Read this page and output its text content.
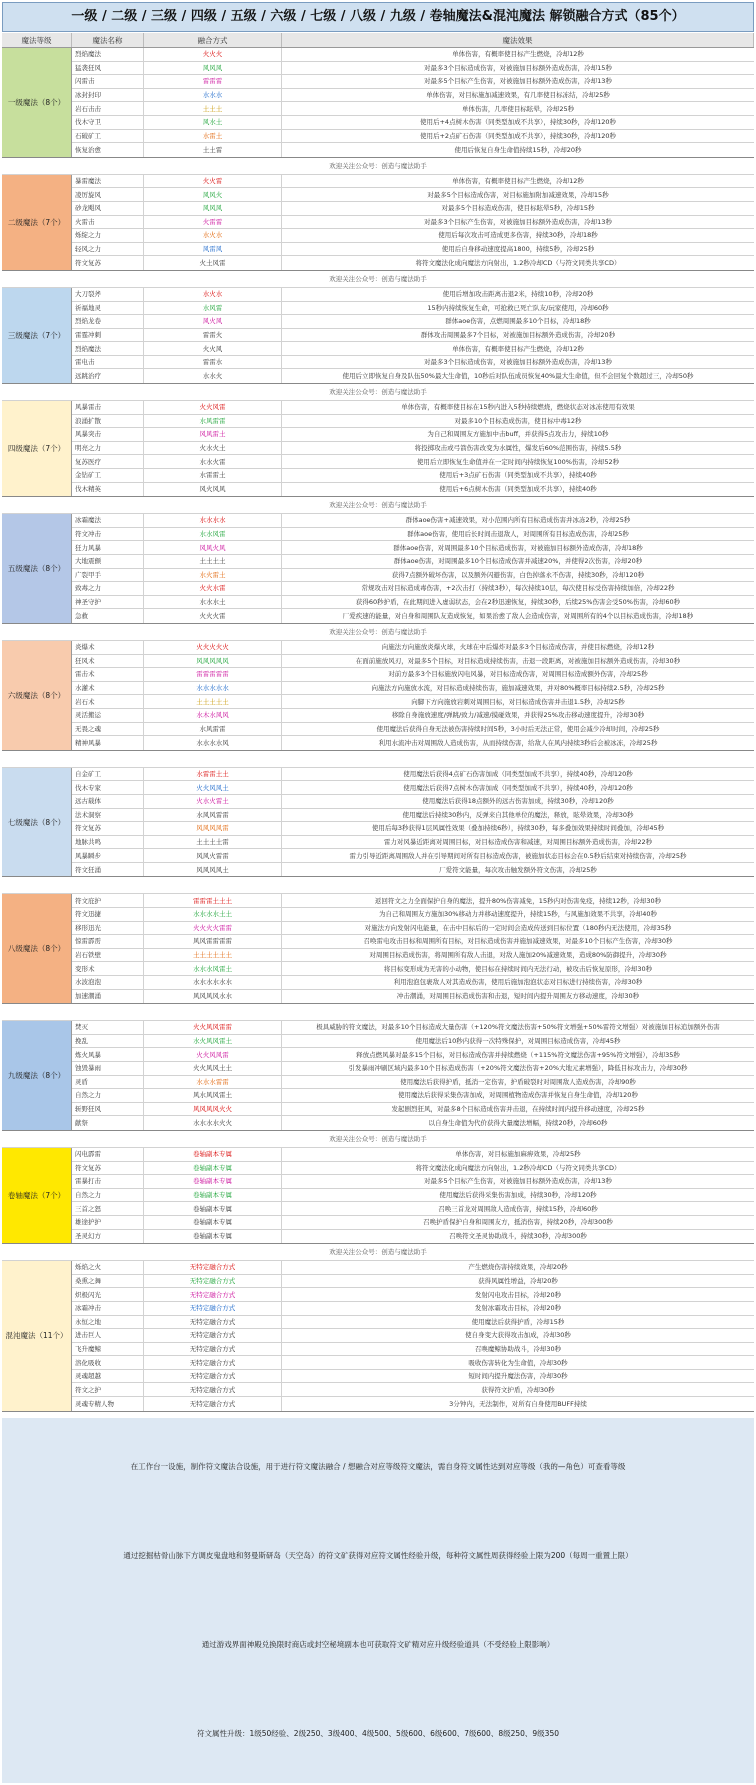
一级 / 二级 / 三级 / 四级 / 五级 / 六级 / 七级 / 八级 / 九级 / 卷轴魔法&混沌魔法 解锁融合方式（85个）
魔法等级	魔法名称	融合方式	魔法效果
一级魔法（8个）
烈焰魔法	火火火	单体伤害，有概率使目标产生燃烧，冷却12秒
猛袭狂风	风风风	对最多3个目标造成伤害，对被施加目标额外造成伤害，冷却15秒
闪雷击	雷雷雷	对最多5个目标产生伤害，对被施加目标额外造成伤害，冷却13秒
冰封封印	水水水	单体伤害，对目标施加减速效果，有几率使目标冻结，冷却25秒
岩石击击	土土土	单体伤害，几率使目标眩晕，冷却25秒
伐木守卫	风水土	使用后+4点树木伤害（同类型加成不共享），持续30秒，冷却120秒
石破矿工	水雷土	使用后+2点矿石伤害（同类型加成不共享），持续30秒，冷却120秒
恢复治愈	土土雷	使用后恢复自身生命值持续15秒，冷却20秒
欢迎关注公众号：创造与魔法助手
二级魔法（7个）
暴雷魔法	火火雷	单体伤害，有概率使目标产生燃烧，冷却12秒
凌厉旋风	风风火	对最多5个目标造成伤害，对目标施加附加减速效果，冷却15秒
砂龙飓风	风风风	对最多5个目标造成伤害，使目标眩晕5秒，冷却15秒
火雷击	火雷雷	对最多3个目标产生伤害，对被施加目标额外造成伤害，冷却13秒
烁绽之力	水火水	使用后每次攻击可造成更多伤害，持续30秒，冷却18秒
轻风之力	风雷风	使用后自身移动速度提高1800，持续5秒，冷却25秒
符文复苏	火土风雷	将符文魔法化成向魔法方向射出，1.2秒冷却CD（与符文同类共享CD）
欢迎关注公众号：创造与魔法助手
三级魔法（7个）
大刀裂斧	水火水	使用后增加攻击距离击退2米，持续10秒，冷却20秒
祈福地灵	水风雷	15秒内持续恢复生命，可抢救已死亡队友/玩家使用，冷却60秒
烈焰龙卷	风火风	群体aoe伤害，点燃周围最多10个目标，冷却18秒
雷霆冲刺	雷雷火	群体攻击周围最多7个目标，对被施加目标额外造成伤害，冷却20秒
烈焰魔法	火火风	单体伤害，有概率使目标产生燃烧，冷却12秒
雷电击	雷雷水	对最多3个目标造成伤害，对被施加目标额外造成伤害，冷却13秒
远跳治疗	水水火	使用后立即恢复自身及队伍50%最大生命值，10秒后对队伍成员恢复40%最大生命值，但不会回复个数超过三，冷却50秒
欢迎关注公众号：创造与魔法助手
四级魔法（7个）
风暴雷击	火火风雷	单体伤害，有概率使目标在15秒内进入5秒持续燃烧，燃烧状态对冰冻使用有效果
浪涌扩散	水风雷雷	对最多10个目标造成伤害，使目标中毒12秒
风暴突击	风风雷土	为自己和周围友方施加中击buff，并获得5点攻击力，持续10秒
明亮之力	火水火土	将投掷攻击或弓箭伤害改变为水属性，爆发后60%范围伤害，持续5.5秒
复苏医疗	水水火雷	使用后立即恢复生命值并在一定时间内持续恢复100%伤害，冷却52秒
金钻矿工	水雷雷土	使用后+3点矿石伤害（同类型加成不共享），持续40秒
伐木精英	风火风风	使用后+6点树木伤害（同类型加成不共享），持续40秒
欢迎关注公众号：创造与魔法助手
五级魔法（8个）
冰霜魔法	水水水水	群体aoe伤害+减速效果，对小范围内所有目标造成伤害并冰冻2秒，冷却25秒
符文冲击	水水风雷	群体aoe伤害，使用后长时间击退敌人，对周围所有目标造成伤害，冷却25秒
狂力风暴	风风火风	群体aoe伤害，对周围最多10个目标造成伤害，对被施加目标额外造成伤害，冷却18秒
大地震颤	土土土土	群体aoe伤害，对周围最多10个目标造成伤害并减速20%，并使得2次伤害，冷却20秒
广裂甲手	水火雷土	获得7点额外破坏伤害，以及额外闪避伤害，白色掉落永不伤害，持续30秒，冷却120秒
致毒之力	火火水雷	常规攻击对目标造成毒伤害，+2次击打（持续3秒），每次持续10层，每次使目标受伤害持续加倍，冷却22秒
神圣守护	水水水土	获得60秒护盾，在此期间进入虚弱状态，会在2秒迅速恢复，持续30秒，后续25%伤害会受50%伤害，冷却60秒
急救	火火火雷	厂爱疾速的能量，对自身和周围队友造成恢复，如果治愈了敌人会造成伤害，对周围所有的4个以目标造成伤害，冷却18秒
欢迎关注公众号：创造与魔法助手
六级魔法（8个）
炎爆术	火火火火火	向施法方向施放炎爆火球，火球在中后爆炸对最多3个目标造成伤害，并使目标燃烧，冷却12秒
狂风术	风风风风风	在面前施放风刃，对最多5个目标，对目标造成持续伤害，击退一段距离，对被施加目标额外造成伤害，冷却30秒
雷击术	雷雷雷雷雷	对前方最多3个目标施放闪电风暴，对目标造成伤害，对周围目标造成额外伤害，冷却25秒
水灌术	水水水水水	向施法方向施放水流，对目标造成持续伤害，施加减速效果，并对80%概率目标持续2.5秒，冷却25秒
岩石术	土土土土土	向脚下方向施放岩刺对周围目标，对目标造成伤害并击退1.5秒，冷却25秒
灵活搬运	水木水风风	移除自身施放速度/弹跳/致力/减速/摸碰效果，并获得25%攻击移动速度提升，冷却30秒
无畏之魂	水风雷雷	使用魔法后获得自身无法被伤害持续时间5秒，3小时后无法正常，使用会减少冷却时间，冷却25秒
精神风暴	水水水水风	利用水流冲击对周围敌人造成伤害，从而持续伤害，给敌人在风内持续3秒后会被冰冻，冷却25秒
七级魔法（8个）
自金矿工	水雷雷土土	使用魔法后获得4点矿石伤害加成（同类型加成不共享），持续40秒，冷却120秒
伐木专家	火火风风土	使用魔法后获得7点树木伤害加成（同类型加成不共享），持续40秒，冷却120秒
远古载体	火水火雷土	使用魔法后获得18点额外的远古伤害加成，持续30秒，冷却120秒
法术洞察	水风风雷雷	使用魔法后持续30秒内，反弹来自其他单位的魔法，释放，眩晕效果，冷却30秒
符文复苏	风风风风雷	使用后每3秒获得1层风属性效果（叠加持续6秒），持续30秒，每多叠加效果持续时间叠加，冷却45秒
地脉共鸣	土土土土雷	雷力对风暴近距离对周围目标，对目标造成伤害和减速，对周围目标额外造成伤害，冷却22秒
风暴瞬步	风风火雷雷	雷力引导近距离周围敌人并在引导期间对所有目标造成伤害，被施加状态目标会在0.5秒后结束对持续伤害，冷却25秒
符文狂涌	风风风风土	厂爱符文能量，每次攻击触发额外符文伤害，冷却25秒
八级魔法（8个）
符文庇护	雷雷雷土土土	返回符文之力全面保护自身的魔法，提升80%伤害减免，15秒内对伤害免疫，持续12秒，冷却30秒
符文迅捷	水水水水土土	为自己和周围友方施加30%移动力并移动速度提升，持续15秒，与风施加效果不共享，冷却40秒
移形迅光	火火火火雷雷	对施法方向发射闪电能量，在击中目标后的一定时间会造成传送到目标位置（180秒内无法使用，冷却35秒
惊雷霹雳	风风雷雷雷雷	召唤雷电攻击目标和周围所有目标，对目标造成伤害并施加减速效果，对最多10个目标产生伤害，冷却30秒
岩石铁壁	土土土土土土	对周围目标造成伤害，将周围所有敌人击退，对敌人施加20%减速效果，造成80%防御提升，冷却30秒
变形术	水水水风雷土	将目标变形成为无害的小动物，使目标在持续时间内无法行动，被攻击后恢复原形，冷却30秒
水波泡泡	水水水水水水	利用泡泡包裹敌人对其造成伤害，使用后施加泡泡状态对目标进行持续伤害，冷却30秒
加速潮涌	风风风风水水	冲击潮涌，对周围目标造成伤害和击退，短时间内提升周围友方移动速度，冷却30秒
九级魔法（8个）
焚灭	火火风风雷雷	极具威胁的符文魔法，对最多10个目标造成大量伤害（+120%符文魔法伤害+50%符文增强+50%雷符文增强）对被施加目标追加额外伤害
挽乱	水火风风雷土	使用魔法后10秒内获得一次特殊保护，对周围目标造成伤害，冷却45秒
炼火风暴	火火风风雷	释放点燃风暴对最多15个目标，对目标造成伤害并持续燃烧（+115%符文魔法伤害+95%符文增强），冷却35秒
蚀毁暴雨	火火风风土土	引发暴雨冲刷区域内最多10个目标造成伤害（+20%符文魔法伤害+20%大地元素增强），降低目标攻击力，冷却30秒
灵盾	水水水雷雷	使用魔法后获得护盾，抵消一定伤害，护盾破裂时对周围敌人造成伤害，冷却90秒
自然之力	风水风风雷土	使用魔法后获得采集伤害加成，对周围植物造成伤害并恢复自身生命值，冷却120秒
斩野狂风	风风风风火火	发起剧烈狂风，对最多8个目标造成伤害并击退，在持续时间内提升移动速度，冷却25秒
献祭	水水水水火火	以自身生命值为代价获得大量魔法增幅，持续20秒，冷却60秒
欢迎关注公众号：创造与魔法助手
卷轴魔法（7个）
闪电霹雷	卷轴副本专属	单体伤害，对目标施加麻痹效果，冷却25秒
符文复苏	卷轴副本专属	将符文魔法化成向魔法方向射出，1.2秒冷却CD（与符文同类共享CD）
雷暴打击	卷轴副本专属	对最多5个目标产生伤害，对被施加目标额外造成伤害，冷却13秒
自然之力	卷轴副本专属	使用魔法后获得采集伤害加成，持续30秒，冷却120秒
三首之怒	卷轴副本专属	召唤三首龙对周围敌人造成伤害，持续15秒，冷却60秒
雄途护护	卷轴副本专属	召唤护盾保护自身和周围友方，抵消伤害，持续20秒，冷却300秒
圣灵幻方	卷轴副本专属	召唤符文圣灵协助战斗，持续30秒，冷却300秒
欢迎关注公众号：创造与魔法助手
混沌魔法（11个）
烁焰之火	无特定融合方式	产生燃烧伤害持续效果，冷却20秒
桑熏之舞	无特定融合方式	获得风属性增益，冷却20秒
炽极闪光	无特定融合方式	发射闪电攻击目标，冷却20秒
冰霜冲击	无特定融合方式	发射冰霜攻击目标，冷却20秒
永恒之地	无特定融合方式	使用魔法后获得护盾，冷却15秒
进击巨人	无特定融合方式	使自身变大获得攻击加成，冷却30秒
飞升魔鲸	无特定融合方式	召唤魔鲸协助战斗，冷却30秒
溶化吸收	无特定融合方式	吸收伤害转化为生命值，冷却30秒
灵魂超越	无特定融合方式	短时间内提升魔法伤害，冷却30秒
符文之护	无特定融合方式	获得符文护盾，冷却30秒
灵魂专精人物	无特定融合方式	3分钟内，无法制作，对所有自身使用BUFF持续
在工作台一设施，制作符文魔法合设施，用于进行符文魔法融合 / 想融合对应等级符文魔法，需自身符文属性达到对应等级（我的—角色）可查看等级
通过挖掘枯骨山脉下方调皮鬼盘地和努曼斯研岛（天空岛）的符文矿获得对应符文属性经验升级，每种符文属性周获得经验上限为200（每周一重置上限）
通过游戏界面神殿兑换限时商店或封空秘境副本也可获取符文矿精对应升级经验道具（不受经验上限影响）
符文属性升级：1级50经验、2级250、3级400、4级500、5级600、6级600、7级600、8级250、9级350
